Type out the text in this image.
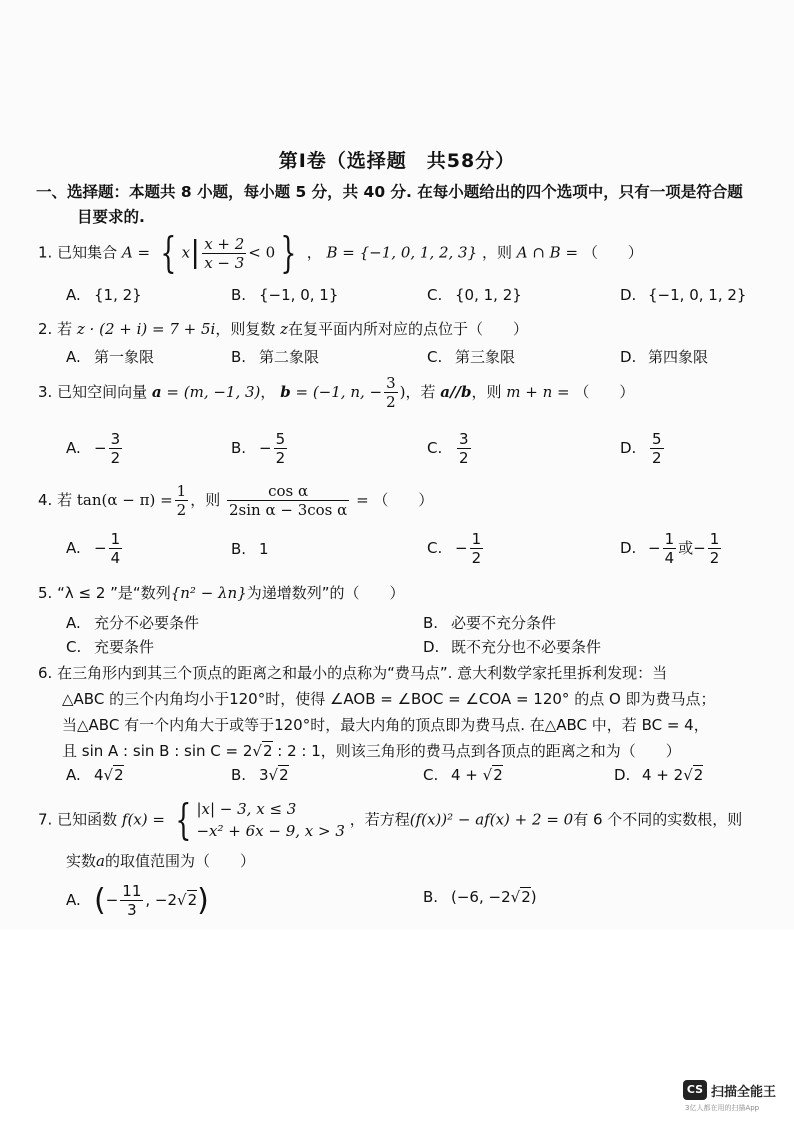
第Ⅰ卷（选择题　共58分）
一、选择题：本题共 8 小题，每小题 5 分，共 40 分. 在每小题给出的四个选项中，只有一项是符合题
目要求的.
1. 已知集合 A = { $x| \frac{x + 2}{x - 3} < 0$ } ， B = {−1, 0, 1, 2, 3} ，则 A ∩ B = （　　）
A. {1, 2}	B. {−1, 0, 1}	C. {0, 1, 2}	D. {−1, 0, 1, 2}
2. 若 z · (2 + i) = 7 + 5i，则复数 z在复平面内所对应的点位于（　　）
A. 第一象限	B. 第二象限	C. 第三象限	D. 第四象限
3. 已知空间向量 a = (m, −1, 3)， b = (−1, n, − $\frac{3}{2}$ )，若 a//b，则 m + n = （　　）
A. − $\frac{3}{2}$	B. − $\frac{5}{2}$	C. $\frac{3}{2}$	D. $\frac{5}{2}$
4. 若 $\tan(\alpha - \pi) = \frac{1}{2}$ ，则 $\frac{\text{cos α}}{\text{2sin α − 3cos α}}$ = （　　）
A. − $\frac{1}{4}$	B. 1	C. − $\frac{1}{2}$	D. − $\frac{1}{4}$ 或− $\frac{1}{2}$
5. “λ ≤ 2 ”是“数列{n² − λn}为递增数列”的（　　）
A. 充分不必要条件	B. 必要不充分条件
C. 充要条件	D. 既不充分也不必要条件
6. 在三角形内到其三个顶点的距离之和最小的点称为“费马点”. 意大利数学家托里拆利发现：当
△ABC 的三个内角均小于120°时，使得 ∠AOB = ∠BOC = ∠COA = 120° 的点 O 即为费马点；
当△ABC 有一个内角大于或等于120°时，最大内角的顶点即为费马点. 在△ABC 中，若 BC = 4，
且 sin A : sin B : sin C = 2√2 : 2 : 1，则该三角形的费马点到各顶点的距离之和为（　　）
A. 4√2	B. 3√2	C. 4 + √2	D. 4 + 2√2
7. 已知函数 f(x) = { |x| − 3, x ≤ 3
−x² + 6x − 9, x > 3
，若方程(f(x))² − af(x) + 2 = 0有 6 个不同的实数根，则
实数a的取值范围为（　　）
A. (− $\frac{11}{3}$ , −2√2)	B. (−6, −2√2)
CS 扫描全能王
3亿人都在用的扫描App
